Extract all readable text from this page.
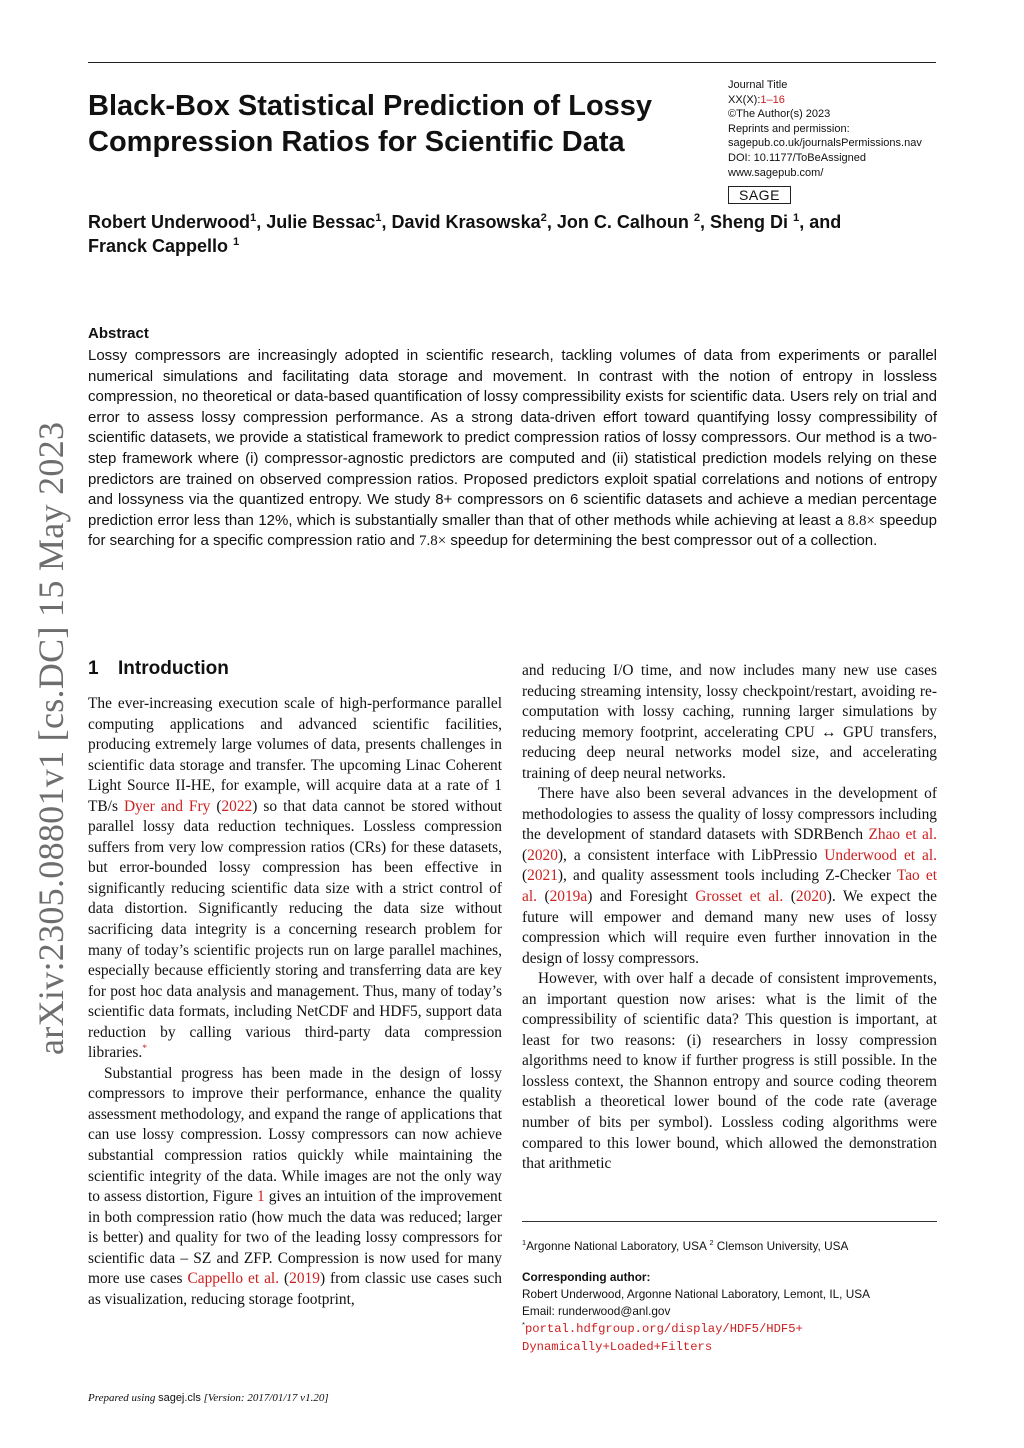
Black-Box Statistical Prediction of Lossy
Compression Ratios for Scientific Data
Journal Title
XX(X):1–16
©The Author(s) 2023
Reprints and permission:
sagepub.co.uk/journalsPermissions.nav
DOI: 10.1177/ToBeAssigned
www.sagepub.com/
SAGE
Robert Underwood$^1$, Julie Bessac$^1$, David Krasowska$^2$, Jon C. Calhoun $^2$, Sheng Di $^1$, and
Franck Cappello $^1$
Abstract

Lossy compressors are increasingly adopted in scientific research, tackling volumes of data from experiments or parallel numerical simulations and facilitating data storage and movement. In contrast with the notion of entropy in lossless compression, no theoretical or data-based quantification of lossy compressibility exists for scientific data. Users rely on trial and error to assess lossy compression performance. As a strong data-driven effort toward quantifying lossy compressibility of scientific datasets, we provide a statistical framework to predict compression ratios of lossy compressors. Our method is a two-step framework where (i) compressor-agnostic predictors are computed and (ii) statistical prediction models relying on these predictors are trained on observed compression ratios. Proposed predictors exploit spatial correlations and notions of entropy and lossyness via the quantized entropy. We study 8+ compressors on 6 scientific datasets and achieve a median percentage prediction error less than 12%, which is substantially smaller than that of other methods while achieving at least a 8.8× speedup for searching for a specific compression ratio and 7.8× speedup for determining the best compressor out of a collection.

arXiv:2305.08801v1 [cs.DC] 15 May 2023 1 Introduction

The ever-increasing execution scale of high-performance parallel computing applications and advanced scientific facilities, producing extremely large volumes of data, presents challenges in scientific data storage and transfer. The upcoming Linac Coherent Light Source II-HE, for example, will acquire data at a rate of 1 TB/s Dyer and Fry (2022) so that data cannot be stored without parallel lossy data reduction techniques. Lossless compression suffers from very low compression ratios (CRs) for these datasets, but error-bounded lossy compression has been effective in significantly reducing scientific data size with a strict control of data distortion. Significantly reducing the data size without sacrificing data integrity is a concerning research problem for many of today’s scientific projects run on large parallel machines, especially because efficiently storing and transferring data are key for post hoc data analysis and management. Thus, many of today’s scientific data formats, including NetCDF and HDF5, support data reduction by calling various third-party data compression libraries.*

Substantial progress has been made in the design of lossy compressors to improve their performance, enhance the quality assessment methodology, and expand the range of applications that can use lossy compression. Lossy compressors can now achieve substantial compression ratios quickly while maintaining the scientific integrity of the data. While images are not the only way to assess distortion, Figure 1 gives an intuition of the improvement in both compression ratio (how much the data was reduced; larger is better) and quality for two of the leading lossy compressors for scientific data – SZ and ZFP. Compression is now used for many more use cases Cappello et al. (2019) from classic use cases such as visualization, reducing storage footprint,

and reducing I/O time, and now includes many new use cases reducing streaming intensity, lossy checkpoint/restart, avoiding re-computation with lossy caching, running larger simulations by reducing memory footprint, accelerating CPU ↔ GPU transfers, reducing deep neural networks model size, and accelerating training of deep neural networks.

There have also been several advances in the development of methodologies to assess the quality of lossy compressors including the development of standard datasets with SDRBench Zhao et al. (2020), a consistent interface with LibPressio Underwood et al. (2021), and quality assessment tools including Z-Checker Tao et al. (2019a) and Foresight Grosset et al. (2020). We expect the future will empower and demand many new uses of lossy compression which will require even further innovation in the design of lossy compressors.

However, with over half a decade of consistent improvements, an important question now arises: what is the limit of the compressibility of scientific data? This question is important, at least for two reasons: (i) researchers in lossy compression algorithms need to know if further progress is still possible. In the lossless context, the Shannon entropy and source coding theorem establish a theoretical lower bound of the code rate (average number of bits per symbol). Lossless coding algorithms were compared to this lower bound, which allowed the demonstration that arithmetic

$^1$Argonne National Laboratory, USA $^2$ Clemson University, USA
Corresponding author:
Robert Underwood, Argonne National Laboratory, Lemont, IL, USA
Email: runderwood@anl.gov
*portal.hdfgroup.org/display/HDF5/HDF5+
Dynamically+Loaded+Filters
Prepared using sagej.cls [Version: 2017/01/17 v1.20]
